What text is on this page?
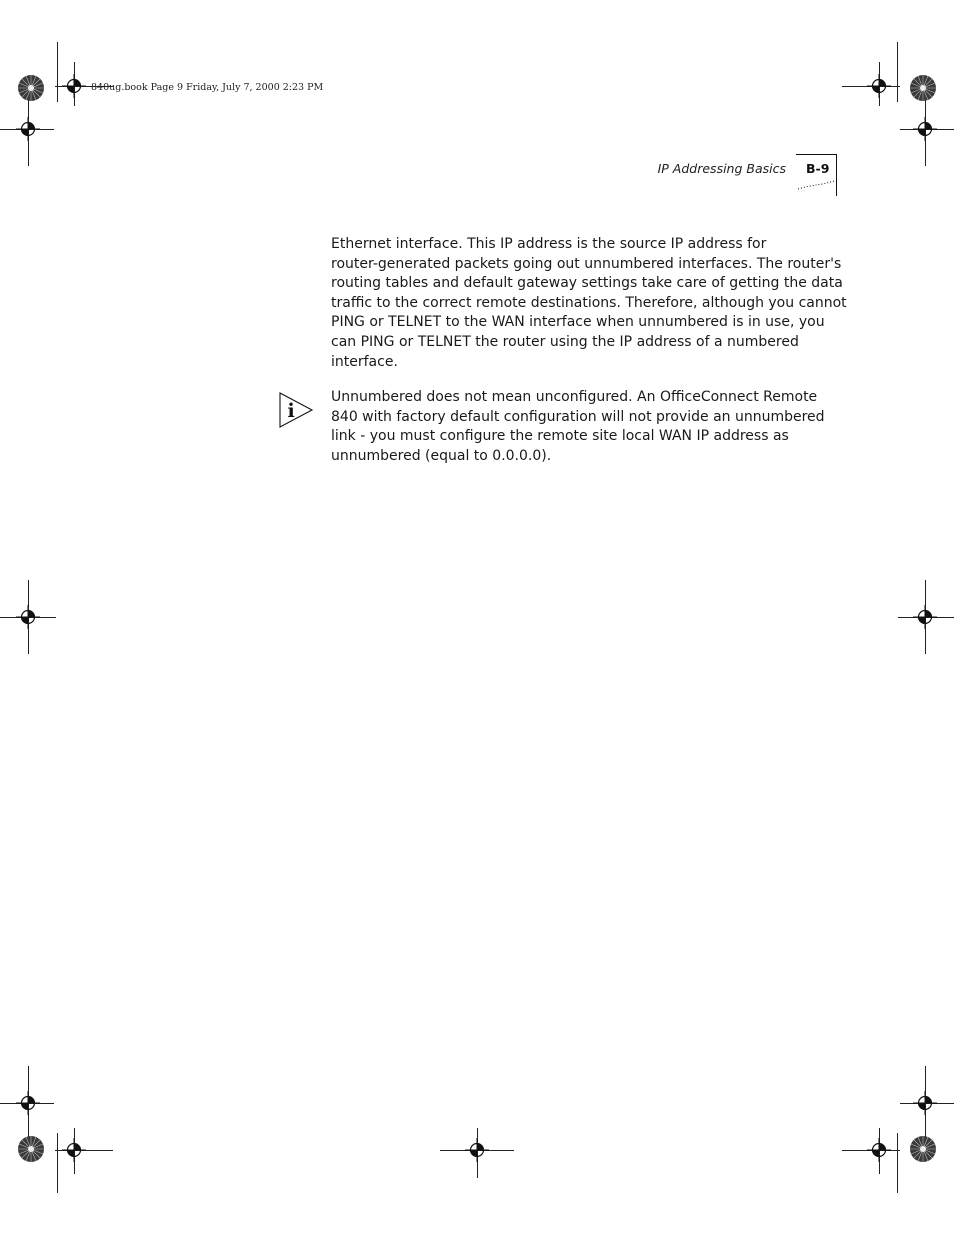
840ug.book Page 9 Friday, July 7, 2000 2:23 PM
IP Addressing Basics B-9
Ethernet interface. This IP address is the source IP address for
router-generated packets going out unnumbered interfaces. The router's
routing tables and default gateway settings take care of getting the data
traffic to the correct remote destinations. Therefore, although you cannot
PING or TELNET to the WAN interface when unnumbered is in use, you
can PING or TELNET the router using the IP address of a numbered
interface.
i
Unnumbered does not mean unconfigured. An OfficeConnect Remote
840 with factory default configuration will not provide an unnumbered
link - you must configure the remote site local WAN IP address as
unnumbered (equal to 0.0.0.0).
